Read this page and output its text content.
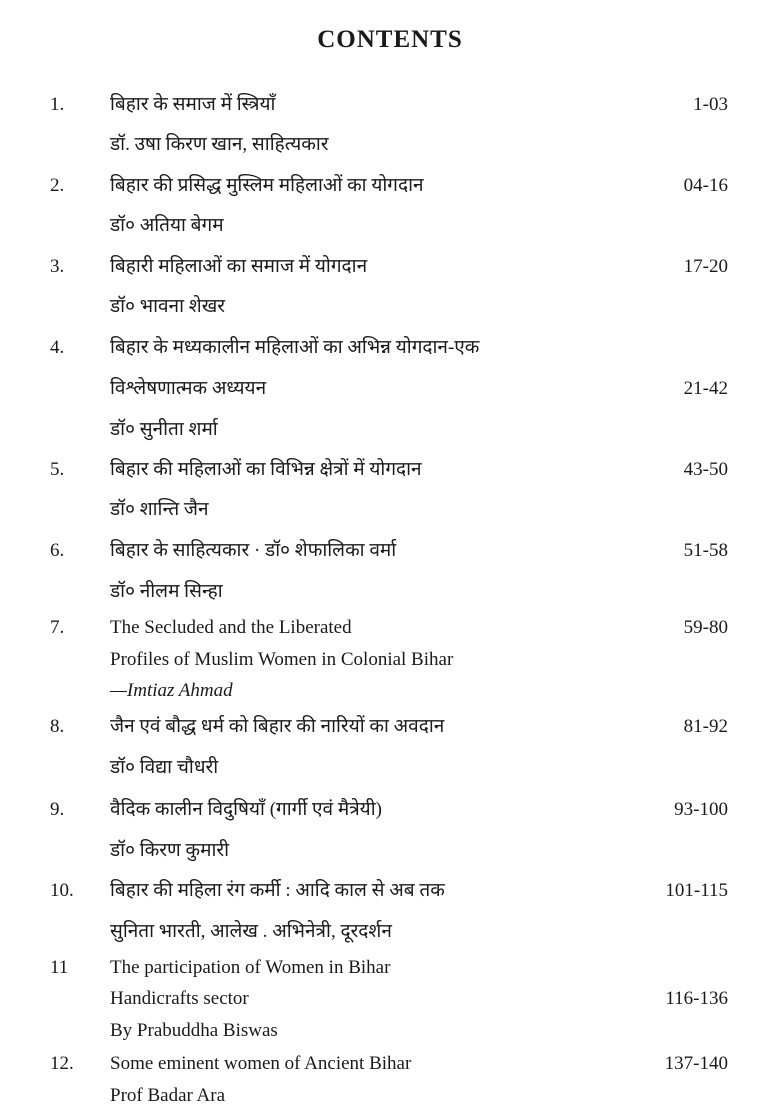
CONTENTS
1. बिहार के समाज में स्त्रियाँ	1-03
डॉ. उषा किरण खान, साहित्यकार
2. बिहार की प्रसिद्ध मुस्लिम महिलाओं का योगदान	04-16
डॉ० अतिया बेगम
3. बिहारी महिलाओं का समाज में योगदान	17-20
डॉ० भावना शेखर
4. बिहार के मध्यकालीन महिलाओं का अभिन्न योगदान-एक
विश्लेषणात्मक अध्ययन	21-42
डॉ० सुनीता शर्मा
5. बिहार की महिलाओं का विभिन्न क्षेत्रों में योगदान	43-50
डॉ० शान्ति जैन
6. बिहार के साहित्यकार · डॉ० शेफालिका वर्मा	51-58
डॉ० नीलम सिन्हा
7. The Secluded and the Liberated	59-80
Profiles of Muslim Women in Colonial Bihar
—Imtiaz Ahmad
8. जैन एवं बौद्ध धर्म को बिहार की नारियों का अवदान	81-92
डॉ० विद्या चौधरी
9. वैदिक कालीन विदुषियाँ (गार्गी एवं मैत्रेयी)	93-100
डॉ० किरण कुमारी
10. बिहार की महिला रंग कर्मी : आदि काल से अब तक	101-115
सुनिता भारती, आलेख . अभिनेत्री, दूरदर्शन
11 The participation of Women in Bihar
Handicrafts sector	116-136
By Prabuddha Biswas
12. Some eminent women of Ancient Bihar	137-140
Prof Badar Ara
